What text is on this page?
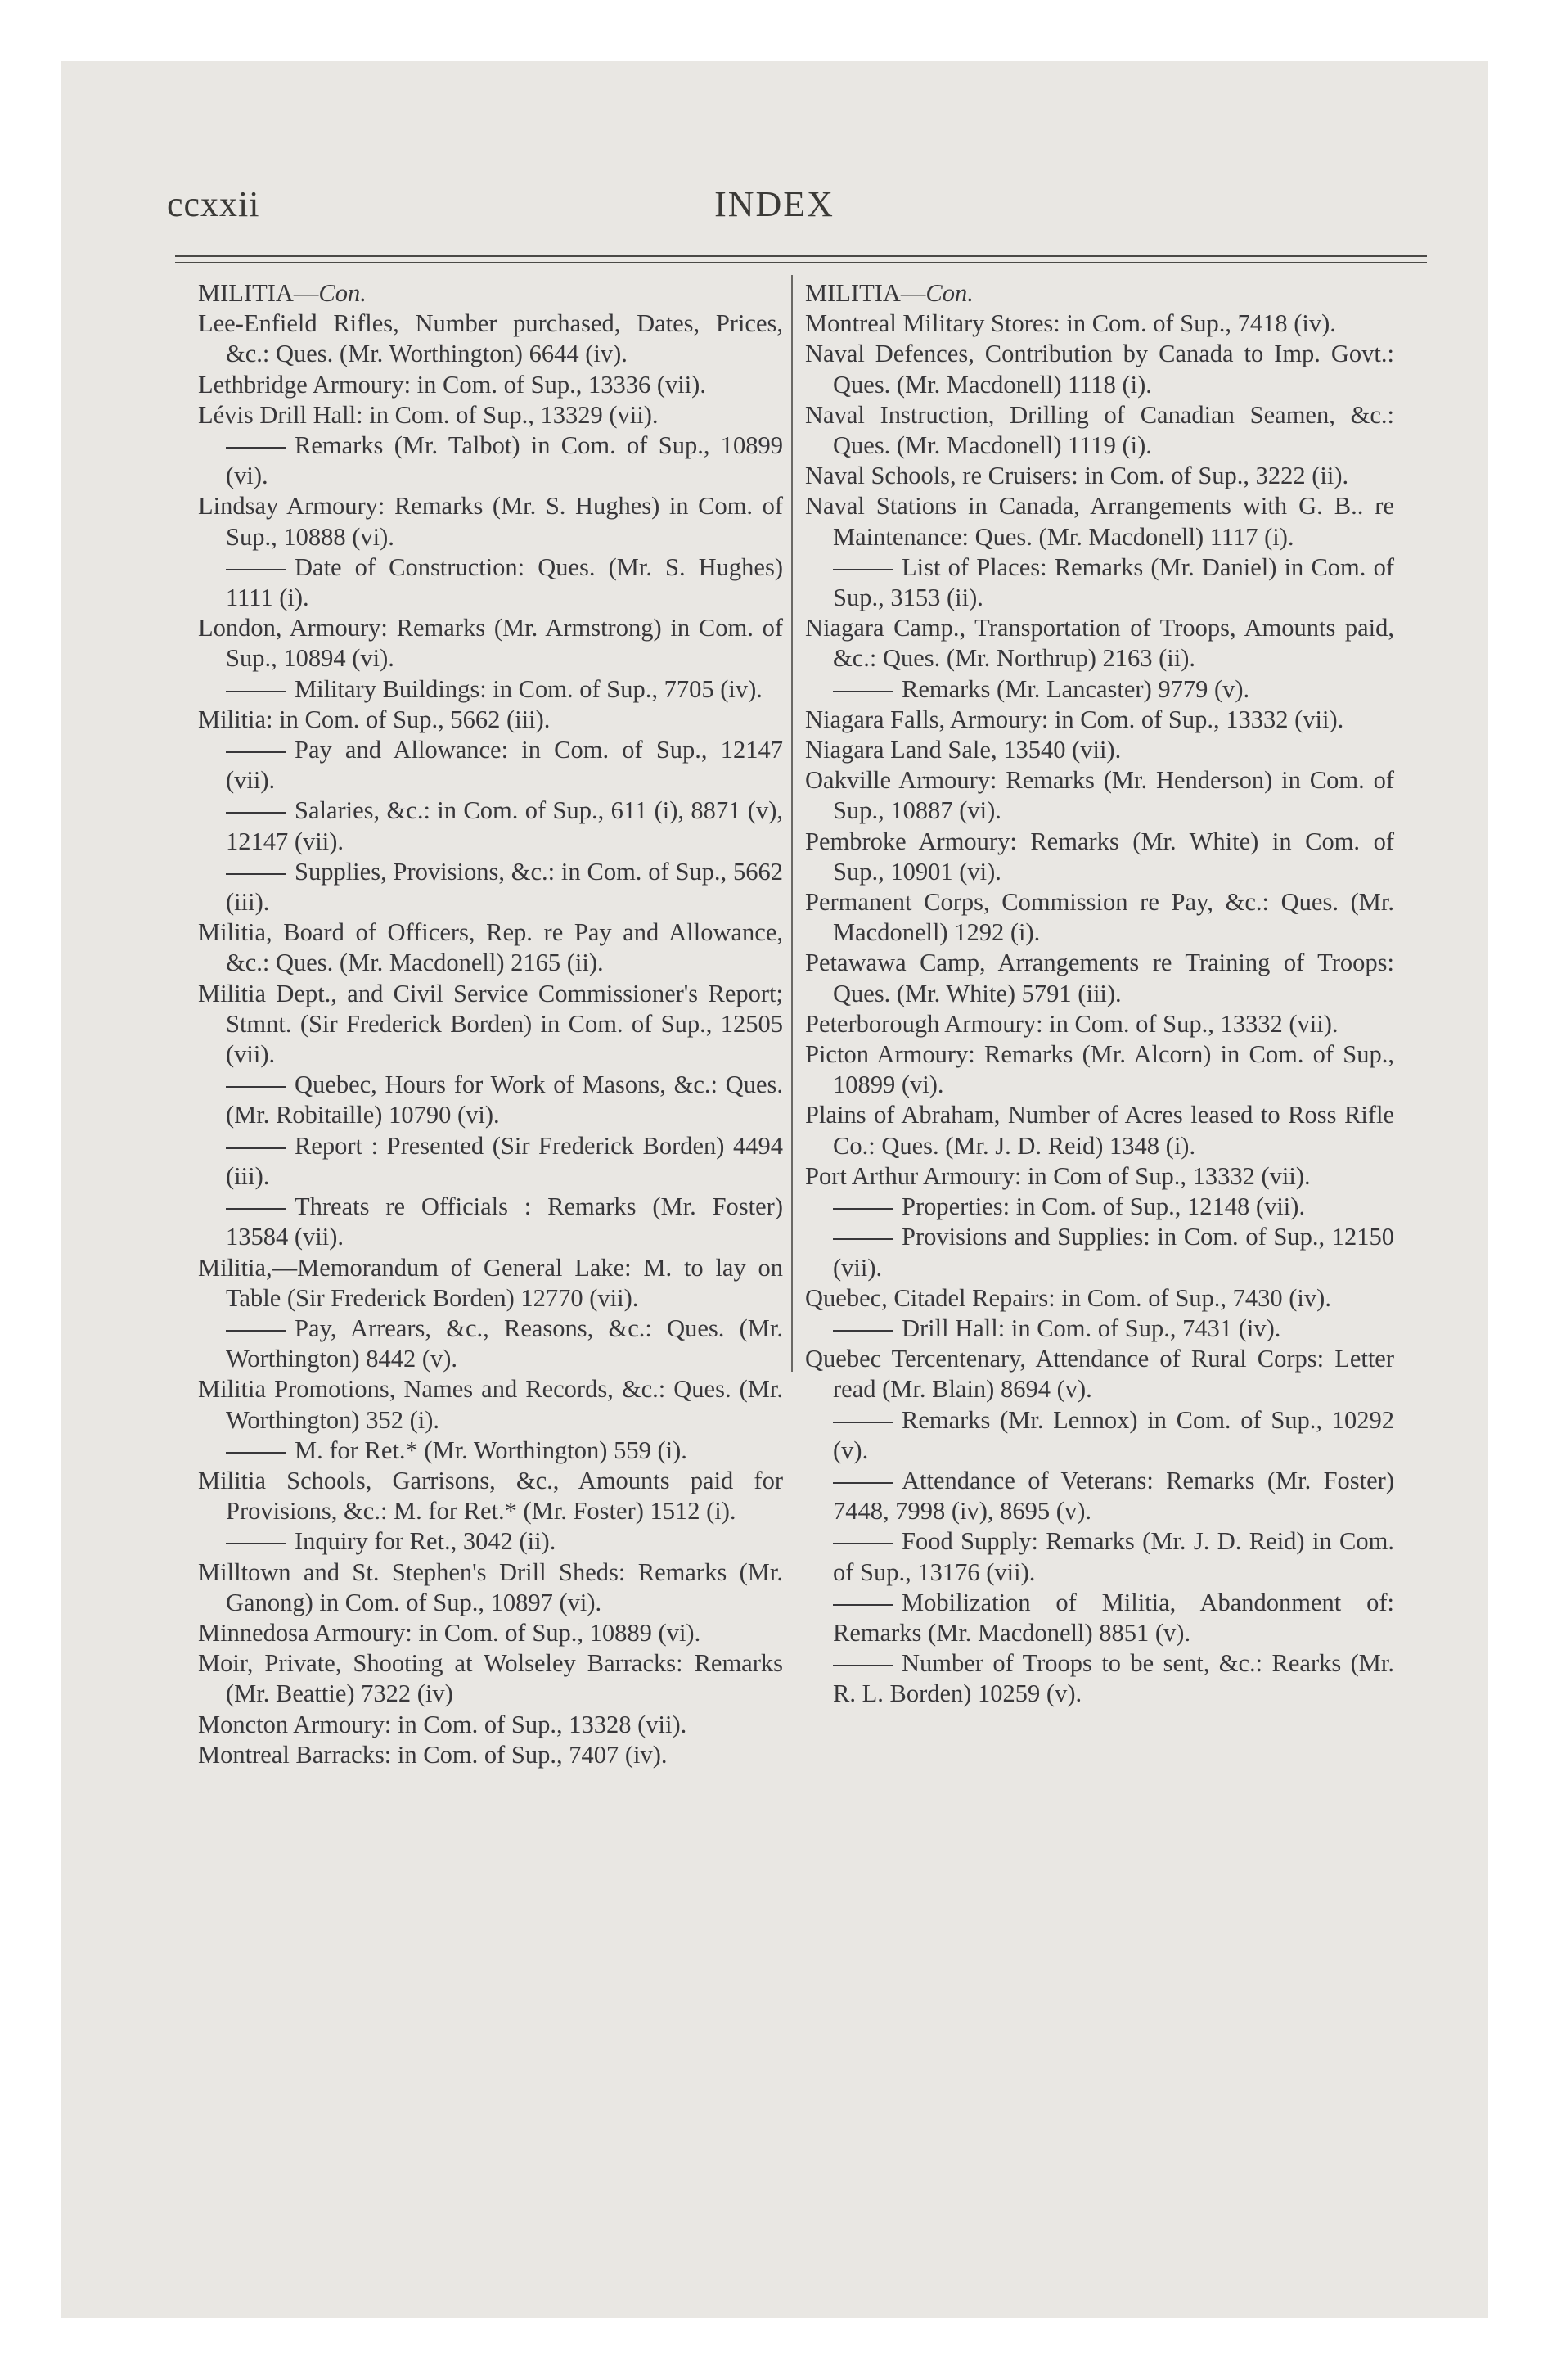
ccxxii	INDEX
MILITIA—Con.
Lee-Enfield Rifles, Number purchased, Dates, Prices, &c.: Ques. (Mr. Worthington) 6644 (iv).
Lethbridge Armoury: in Com. of Sup., 13336 (vii).
Lévis Drill Hall: in Com. of Sup., 13329 (vii).
Remarks (Mr. Talbot) in Com. of Sup., 10899 (vi).
Lindsay Armoury: Remarks (Mr. S. Hughes) in Com. of Sup., 10888 (vi).
Date of Construction: Ques. (Mr. S. Hughes) 1111 (i).
London, Armoury: Remarks (Mr. Armstrong) in Com. of Sup., 10894 (vi).
Military Buildings: in Com. of Sup., 7705 (iv).
Militia: in Com. of Sup., 5662 (iii).
Pay and Allowance: in Com. of Sup., 12147 (vii).
Salaries, &c.: in Com. of Sup., 611 (i), 8871 (v), 12147 (vii).
Supplies, Provisions, &c.: in Com. of Sup., 5662 (iii).
Militia, Board of Officers, Rep. re Pay and Allowance, &c.: Ques. (Mr. Macdonell) 2165 (ii).
Militia Dept., and Civil Service Commissioner's Report; Stmnt. (Sir Frederick Borden) in Com. of Sup., 12505 (vii).
Quebec, Hours for Work of Masons, &c.: Ques. (Mr. Robitaille) 10790 (vi).
Report : Presented (Sir Frederick Borden) 4494 (iii).
Threats re Officials : Remarks (Mr. Foster) 13584 (vii).
Militia,—Memorandum of General Lake: M. to lay on Table (Sir Frederick Borden) 12770 (vii).
Pay, Arrears, &c., Reasons, &c.: Ques. (Mr. Worthington) 8442 (v).
Militia Promotions, Names and Records, &c.: Ques. (Mr. Worthington) 352 (i).
M. for Ret.* (Mr. Worthington) 559 (i).
Militia Schools, Garrisons, &c., Amounts paid for Provisions, &c.: M. for Ret.* (Mr. Foster) 1512 (i).
Inquiry for Ret., 3042 (ii).
Milltown and St. Stephen's Drill Sheds: Remarks (Mr. Ganong) in Com. of Sup., 10897 (vi).
Minnedosa Armoury: in Com. of Sup., 10889 (vi).
Moir, Private, Shooting at Wolseley Barracks: Remarks (Mr. Beattie) 7322 (iv)
Moncton Armoury: in Com. of Sup., 13328 (vii).
Montreal Barracks: in Com. of Sup., 7407 (iv).
MILITIA—Con.
Montreal Military Stores: in Com. of Sup., 7418 (iv).
Naval Defences, Contribution by Canada to Imp. Govt.: Ques. (Mr. Macdonell) 1118 (i).
Naval Instruction, Drilling of Canadian Seamen, &c.: Ques. (Mr. Macdonell) 1119 (i).
Naval Schools, re Cruisers: in Com. of Sup., 3222 (ii).
Naval Stations in Canada, Arrangements with G. B.. re Maintenance: Ques. (Mr. Macdonell) 1117 (i).
List of Places: Remarks (Mr. Daniel) in Com. of Sup., 3153 (ii).
Niagara Camp., Transportation of Troops, Amounts paid, &c.: Ques. (Mr. Northrup) 2163 (ii).
Remarks (Mr. Lancaster) 9779 (v).
Niagara Falls, Armoury: in Com. of Sup., 13332 (vii).
Niagara Land Sale, 13540 (vii).
Oakville Armoury: Remarks (Mr. Henderson) in Com. of Sup., 10887 (vi).
Pembroke Armoury: Remarks (Mr. White) in Com. of Sup., 10901 (vi).
Permanent Corps, Commission re Pay, &c.: Ques. (Mr. Macdonell) 1292 (i).
Petawawa Camp, Arrangements re Training of Troops: Ques. (Mr. White) 5791 (iii).
Peterborough Armoury: in Com. of Sup., 13332 (vii).
Picton Armoury: Remarks (Mr. Alcorn) in Com. of Sup., 10899 (vi).
Plains of Abraham, Number of Acres leased to Ross Rifle Co.: Ques. (Mr. J. D. Reid) 1348 (i).
Port Arthur Armoury: in Com of Sup., 13332 (vii).
Properties: in Com. of Sup., 12148 (vii).
Provisions and Supplies: in Com. of Sup., 12150 (vii).
Quebec, Citadel Repairs: in Com. of Sup., 7430 (iv).
Drill Hall: in Com. of Sup., 7431 (iv).
Quebec Tercentenary, Attendance of Rural Corps: Letter read (Mr. Blain) 8694 (v).
Remarks (Mr. Lennox) in Com. of Sup., 10292 (v).
Attendance of Veterans: Remarks (Mr. Foster) 7448, 7998 (iv), 8695 (v).
Food Supply: Remarks (Mr. J. D. Reid) in Com. of Sup., 13176 (vii).
Mobilization of Militia, Abandonment of: Remarks (Mr. Macdonell) 8851 (v).
Number of Troops to be sent, &c.: Rearks (Mr. R. L. Borden) 10259 (v).
